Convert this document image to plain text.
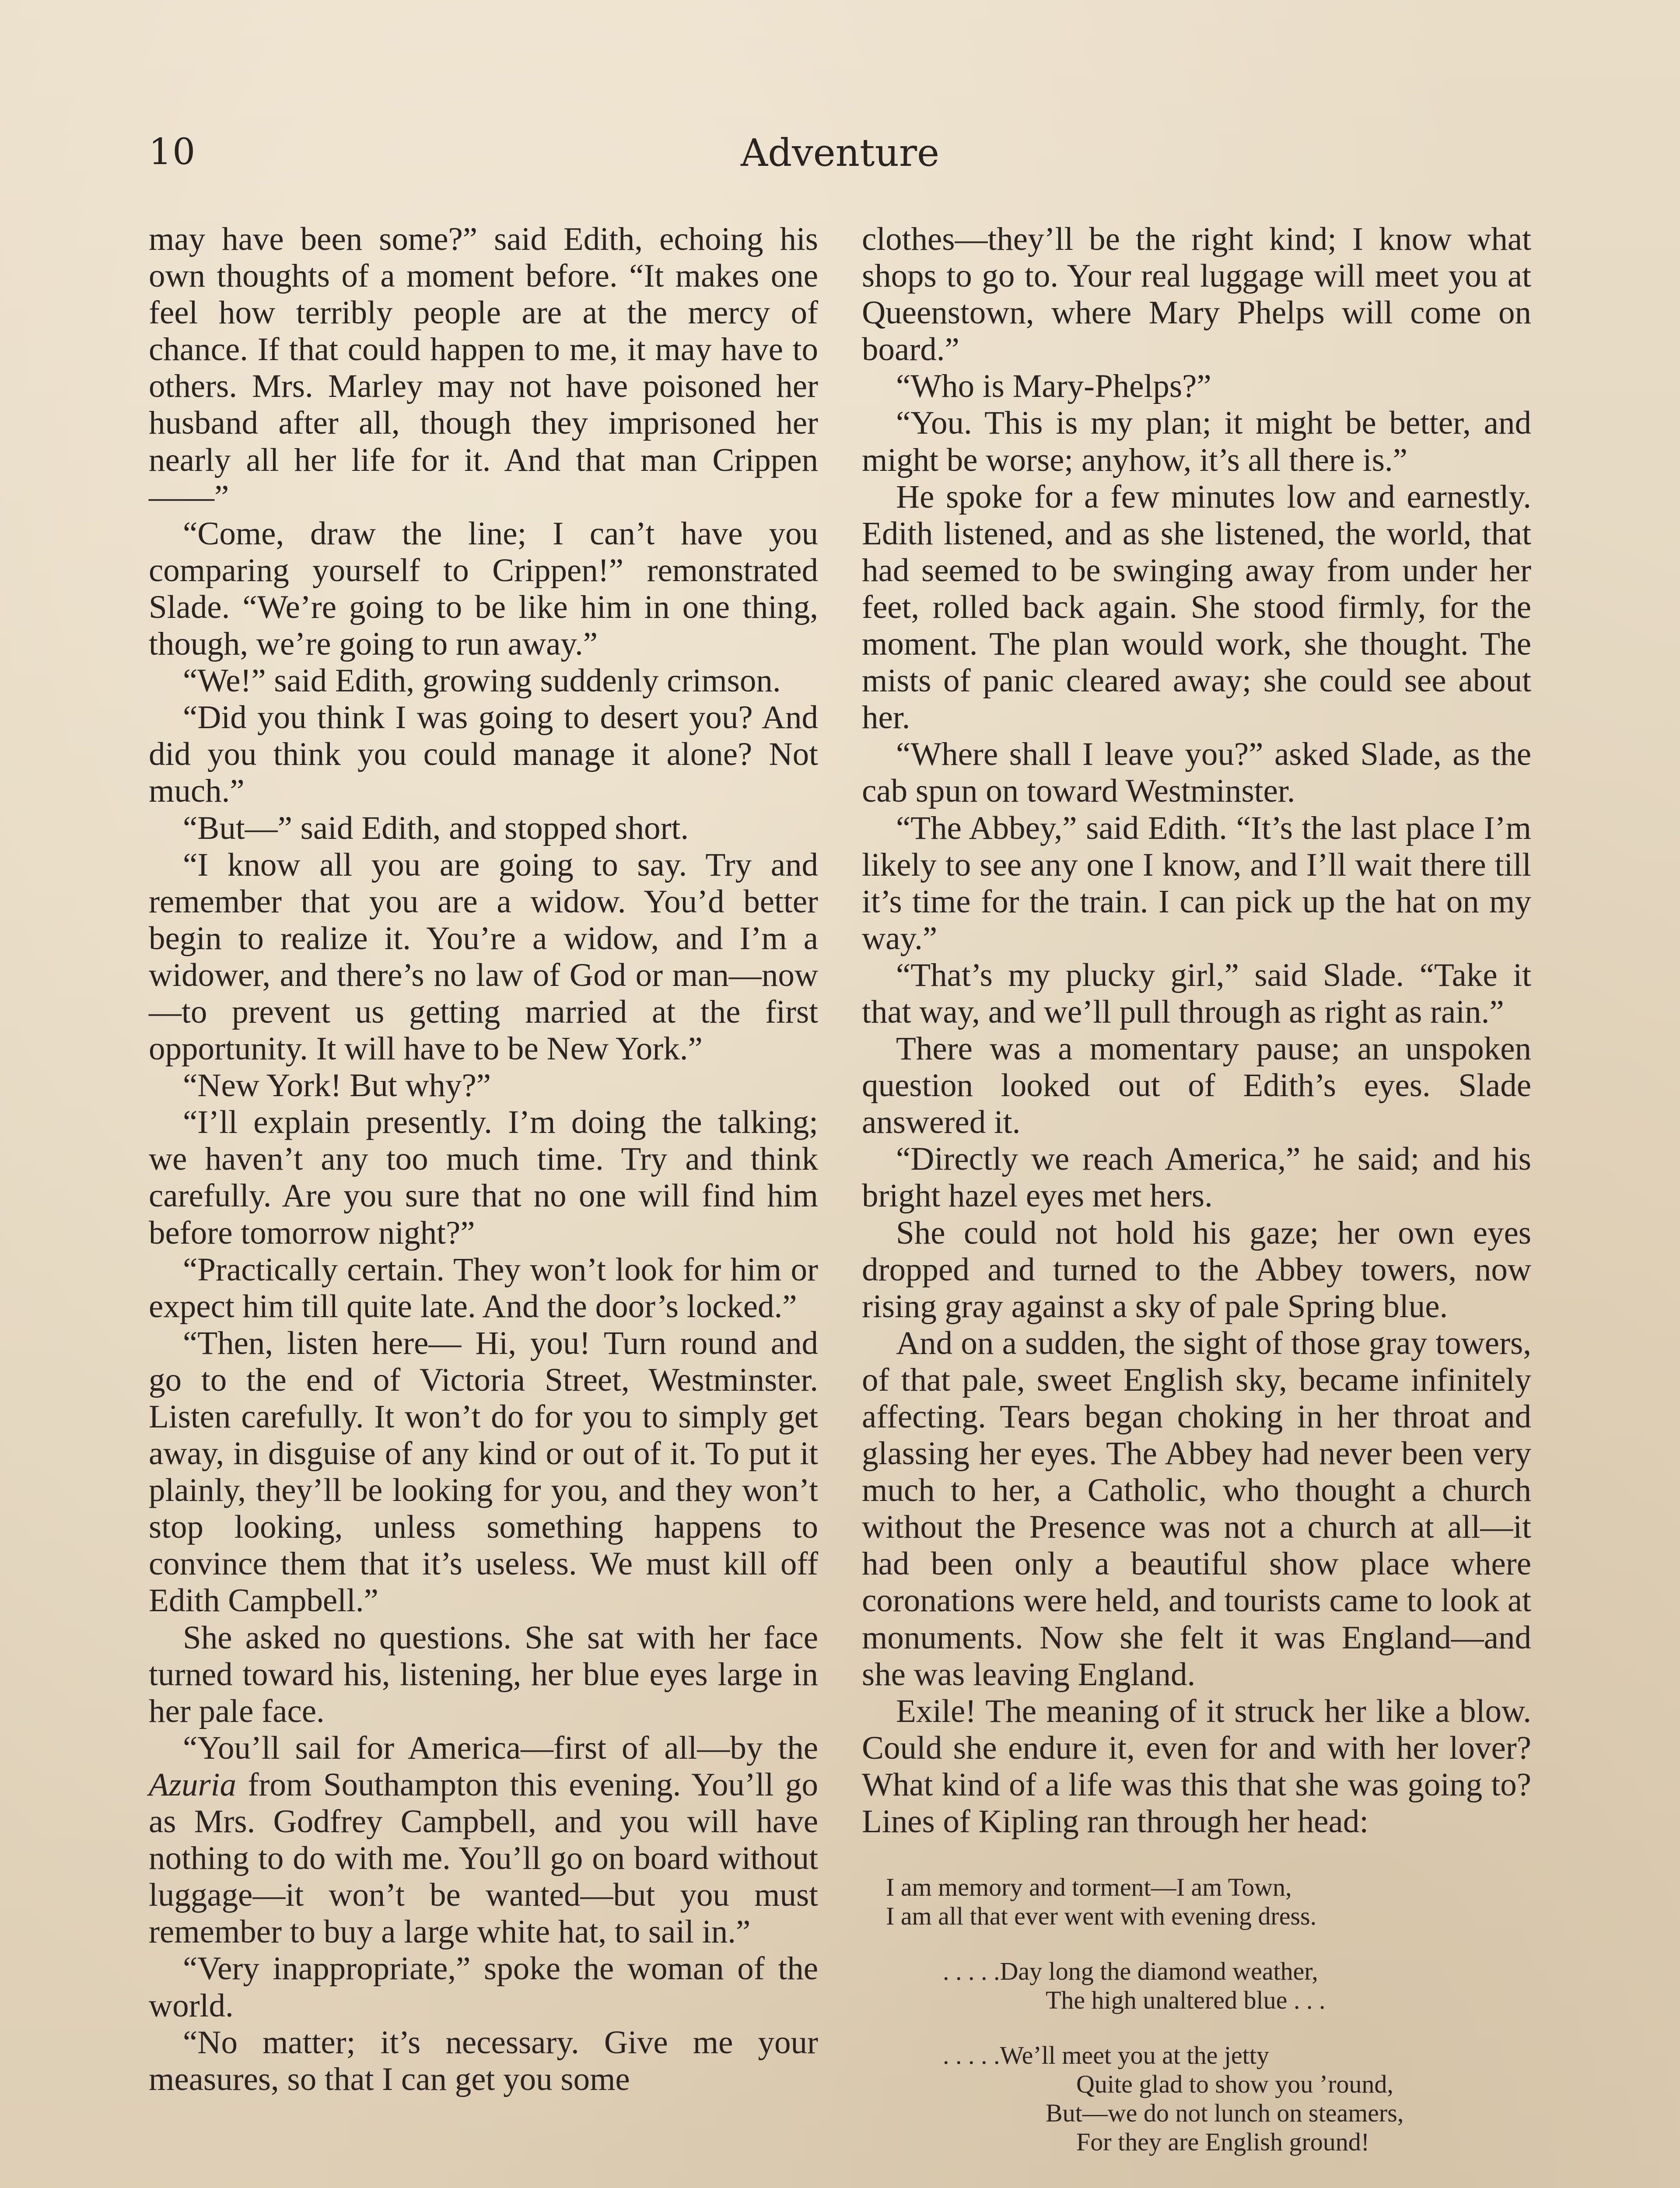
10	Adventure

may have been some?” said Edith, echoing his own thoughts of a moment before. “It makes one feel how terribly people are at the mercy of chance. If that could happen to me, it may have to others. Mrs. Marley may not have poisoned her husband after all, though they imprisoned her nearly all her life for it. And that man Crippen——”

“Come, draw the line; I can’t have you comparing yourself to Crippen!” remonstrated Slade. “We’re going to be like him in one thing, though, we’re going to run away.”

“We!” said Edith, growing suddenly crimson.

“Did you think I was going to desert you? And did you think you could manage it alone? Not much.”

“But—” said Edith, and stopped short.

“I know all you are going to say. Try and remember that you are a widow. You’d better begin to realize it. You’re a widow, and I’m a widower, and there’s no law of God or man—now—to prevent us getting married at the first opportunity. It will have to be New York.”

“New York! But why?”

“I’ll explain presently. I’m doing the talking; we haven’t any too much time. Try and think carefully. Are you sure that no one will find him before tomorrow night?”

“Practically certain. They won’t look for him or expect him till quite late. And the door’s locked.”

“Then, listen here— Hi, you! Turn round and go to the end of Victoria Street, Westminster. Listen carefully. It won’t do for you to simply get away, in disguise of any kind or out of it. To put it plainly, they’ll be looking for you, and they won’t stop looking, unless something happens to convince them that it’s useless. We must kill off Edith Campbell.”

She asked no questions. She sat with her face turned toward his, listening, her blue eyes large in her pale face.

“You’ll sail for America—first of all—by the Azuria from Southampton this evening. You’ll go as Mrs. Godfrey Campbell, and you will have nothing to do with me. You’ll go on board without luggage—it won’t be wanted—but you must remember to buy a large white hat, to sail in.”

“Very inappropriate,” spoke the woman of the world.

“No matter; it’s necessary. Give me your measures, so that I can get you some

clothes—they’ll be the right kind; I know what shops to go to. Your real luggage will meet you at Queenstown, where Mary Phelps will come on board.”

“Who is Mary-Phelps?”

“You. This is my plan; it might be better, and might be worse; anyhow, it’s all there is.”

He spoke for a few minutes low and earnestly. Edith listened, and as she listened, the world, that had seemed to be swinging away from under her feet, rolled back again. She stood firmly, for the moment. The plan would work, she thought. The mists of panic cleared away; she could see about her.

“Where shall I leave you?” asked Slade, as the cab spun on toward Westminster.

“The Abbey,” said Edith. “It’s the last place I’m likely to see any one I know, and I’ll wait there till it’s time for the train. I can pick up the hat on my way.”

“That’s my plucky girl,” said Slade. “Take it that way, and we’ll pull through as right as rain.”

There was a momentary pause; an unspoken question looked out of Edith’s eyes. Slade answered it.

“Directly we reach America,” he said; and his bright hazel eyes met hers.

She could not hold his gaze; her own eyes dropped and turned to the Abbey towers, now rising gray against a sky of pale Spring blue.

And on a sudden, the sight of those gray towers, of that pale, sweet English sky, became infinitely affecting. Tears began choking in her throat and glassing her eyes. The Abbey had never been very much to her, a Catholic, who thought a church without the Presence was not a church at all—it had been only a beautiful show place where coronations were held, and tourists came to look at monuments. Now she felt it was England—and she was leaving England.

Exile! The meaning of it struck her like a blow. Could she endure it, even for and with her lover? What kind of a life was this that she was going to? Lines of Kipling ran through her head:

I am memory and torment—I am Town,
I am all that ever went with evening dress.
. . . . .Day long the diamond weather,
The high unaltered blue . . .
. . . . .We’ll meet you at the jetty
Quite glad to show you ’round,
But—we do not lunch on steamers,
For they are English ground!
